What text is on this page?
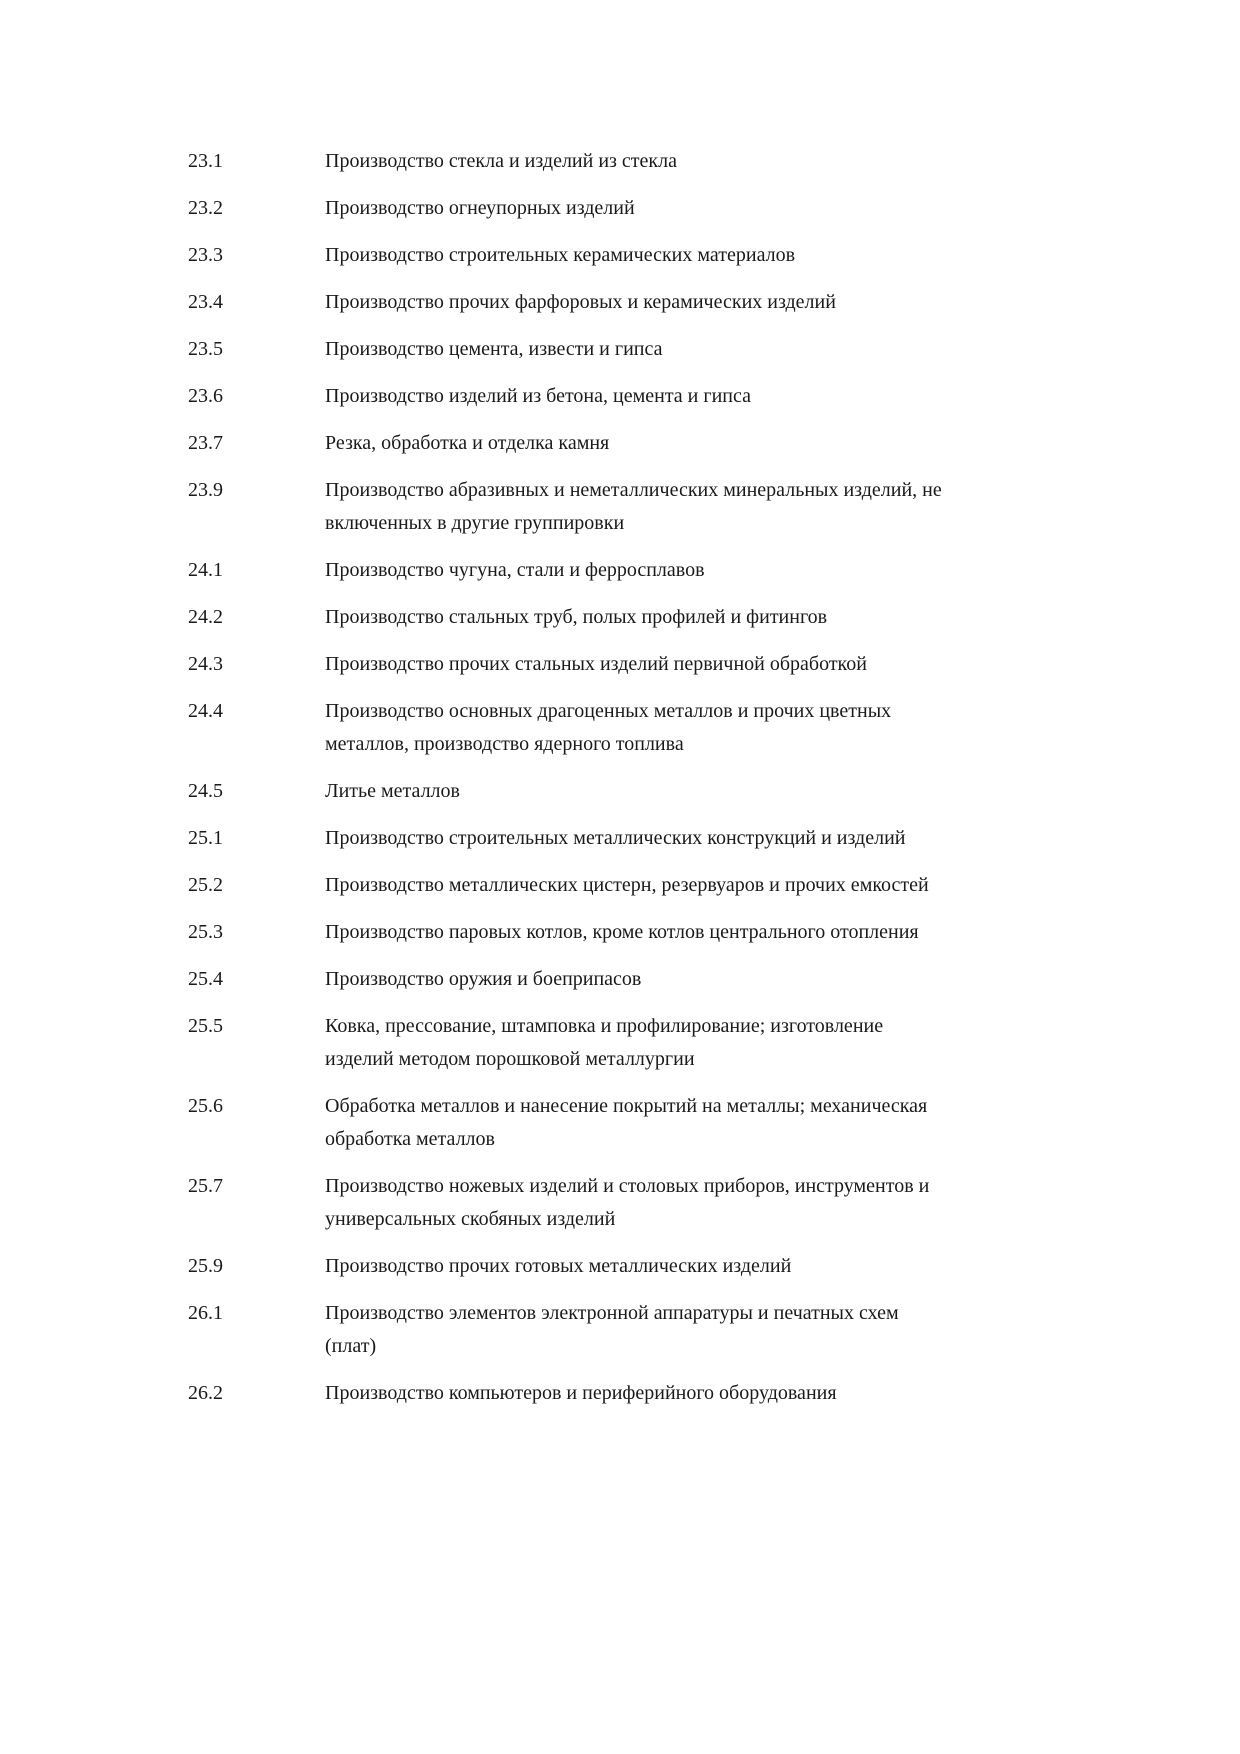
23.1	Производство стекла и изделий из стекла
23.2	Производство огнеупорных изделий
23.3	Производство строительных керамических материалов
23.4	Производство прочих фарфоровых и керамических изделий
23.5	Производство цемента, извести и гипса
23.6	Производство изделий из бетона, цемента и гипса
23.7	Резка, обработка и отделка камня
23.9	Производство абразивных и неметаллических минеральных изделий, не включенных в другие группировки
24.1	Производство чугуна, стали и ферросплавов
24.2	Производство стальных труб, полых профилей и фитингов
24.3	Производство прочих стальных изделий первичной обработкой
24.4	Производство основных драгоценных металлов и прочих цветных металлов, производство ядерного топлива
24.5	Литье металлов
25.1	Производство строительных металлических конструкций и изделий
25.2	Производство металлических цистерн, резервуаров и прочих емкостей
25.3	Производство паровых котлов, кроме котлов центрального отопления
25.4	Производство оружия и боеприпасов
25.5	Ковка, прессование, штамповка и профилирование; изготовление изделий методом порошковой металлургии
25.6	Обработка металлов и нанесение покрытий на металлы; механическая обработка металлов
25.7	Производство ножевых изделий и столовых приборов, инструментов и универсальных скобяных изделий
25.9	Производство прочих готовых металлических изделий
26.1	Производство элементов электронной аппаратуры и печатных схем (плат)
26.2	Производство компьютеров и периферийного оборудования
